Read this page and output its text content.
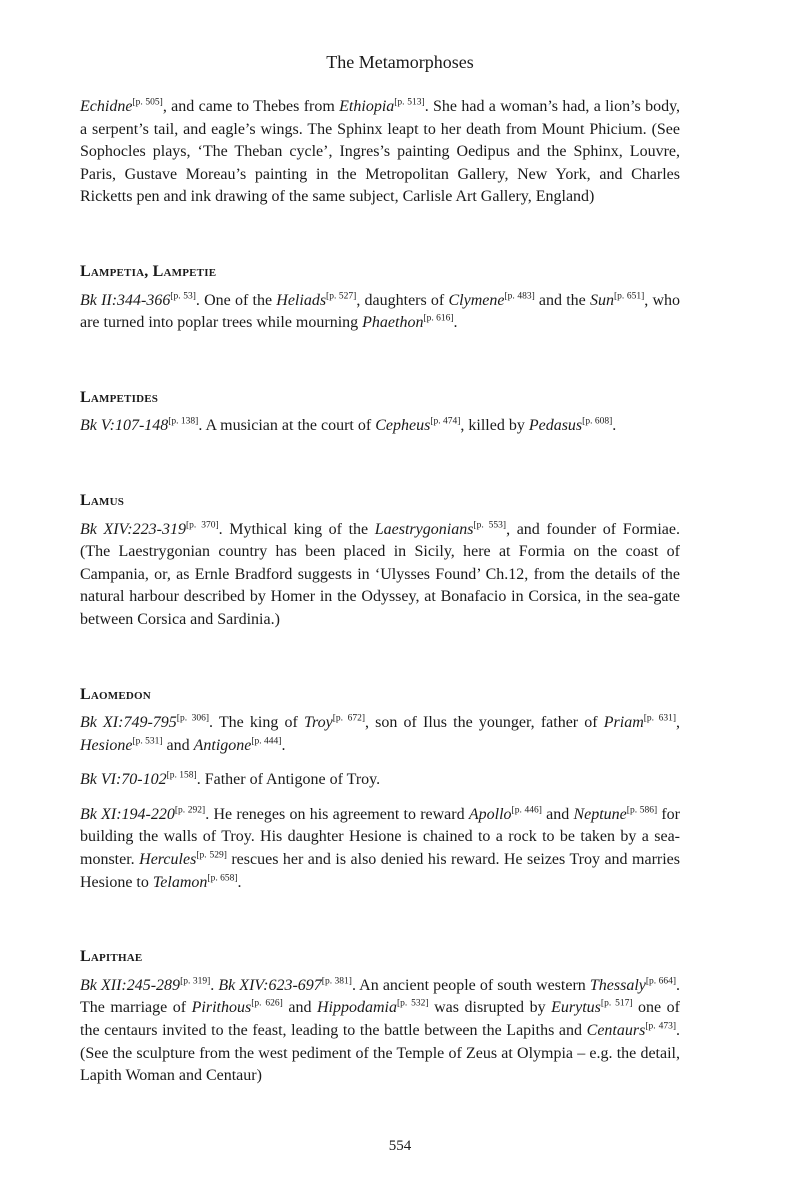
The Metamorphoses

Echidne[p. 505], and came to Thebes from Ethiopia[p. 513]. She had a woman’s had, a lion’s body, a serpent’s tail, and eagle’s wings. The Sphinx leapt to her death from Mount Phicium. (See Sophocles plays, ‘The Theban cycle’, Ingres’s painting Oedipus and the Sphinx, Louvre, Paris, Gustave Moreau’s painting in the Metropolitan Gallery, New York, and Charles Ricketts pen and ink drawing of the same subject, Carlisle Art Gallery, England)

Lampetia, Lampetie

Bk II:344-366[p. 53]. One of the Heliads[p. 527], daughters of Clymene[p. 483] and the Sun[p. 651], who are turned into poplar trees while mourning Phaethon[p. 616].

Lampetides

Bk V:107-148[p. 138]. A musician at the court of Cepheus[p. 474], killed by Pedasus[p. 608].

Lamus

Bk XIV:223-319[p. 370]. Mythical king of the Laestrygonians[p. 553], and founder of Formiae. (The Laestrygonian country has been placed in Sicily, here at Formia on the coast of Campania, or, as Ernle Bradford suggests in ‘Ulysses Found’ Ch.12, from the details of the natural harbour described by Homer in the Odyssey, at Bonafacio in Corsica, in the sea-gate between Corsica and Sardinia.)

Laomedon

Bk XI:749-795[p. 306]. The king of Troy[p. 672], son of Ilus the younger, father of Priam[p. 631], Hesione[p. 531] and Antigone[p. 444].

Bk VI:70-102[p. 158]. Father of Antigone of Troy.

Bk XI:194-220[p. 292]. He reneges on his agreement to reward Apollo[p. 446] and Neptune[p. 586] for building the walls of Troy. His daughter Hesione is chained to a rock to be taken by a sea-monster. Hercules[p. 529] rescues her and is also denied his reward. He seizes Troy and marries Hesione to Telamon[p. 658].

Lapithae

Bk XII:245-289[p. 319]. Bk XIV:623-697[p. 381]. An ancient people of south western Thessaly[p. 664]. The marriage of Pirithous[p. 626] and Hippodamia[p. 532] was disrupted by Eurytus[p. 517] one of the centaurs invited to the feast, leading to the battle between the Lapiths and Centaurs[p. 473]. (See the sculpture from the west pediment of the Temple of Zeus at Olympia – e.g. the detail, Lapith Woman and Centaur)

554
